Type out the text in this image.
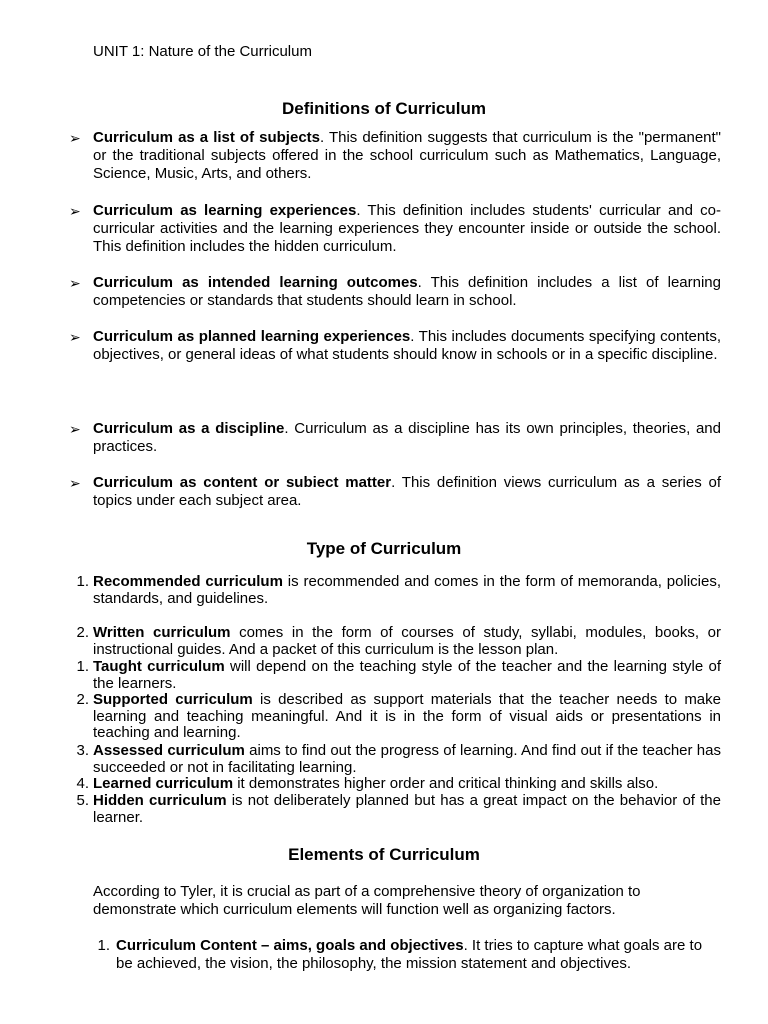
UNIT 1: Nature of the Curriculum

Definitions of Curriculum

➢ Curriculum as a list of subjects. This definition suggests that curriculum is the "permanent" or the traditional subjects offered in the school curriculum such as Mathematics, Language, Science, Music, Arts, and others.

➢ Curriculum as learning experiences. This definition includes students' curricular and co-curricular activities and the learning experiences they encounter inside or outside the school. This definition includes the hidden curriculum.

➢ Curriculum as intended learning outcomes. This definition includes a list of learning competencies or standards that students should learn in school.

➢ Curriculum as planned learning experiences. This includes documents specifying contents, objectives, or general ideas of what students should know in schools or in a specific discipline.

➢ Curriculum as a discipline. Curriculum as a discipline has its own principles, theories, and practices.

➢ Curriculum as content or subiect matter. This definition views curriculum as a series of topics under each subject area.

Type of Curriculum

1. Recommended curriculum is recommended and comes in the form of memoranda, policies, standards, and guidelines.

2. Written curriculum comes in the form of courses of study, syllabi, modules, books, or instructional guides. And a packet of this curriculum is the lesson plan.

1. Taught curriculum will depend on the teaching style of the teacher and the learning style of the learners.

2. Supported curriculum is described as support materials that the teacher needs to make learning and teaching meaningful. And it is in the form of visual aids or presentations in teaching and learning.

3. Assessed curriculum aims to find out the progress of learning. And find out if the teacher has succeeded or not in facilitating learning.

4. Learned curriculum it demonstrates higher order and critical thinking and skills also.

5. Hidden curriculum is not deliberately planned but has a great impact on the behavior of the learner.

Elements of Curriculum

According to Tyler, it is crucial as part of a comprehensive theory of organization to demonstrate which curriculum elements will function well as organizing factors.

1. Curriculum Content – aims, goals and objectives. It tries to capture what goals are to be achieved, the vision, the philosophy, the mission statement and objectives.
